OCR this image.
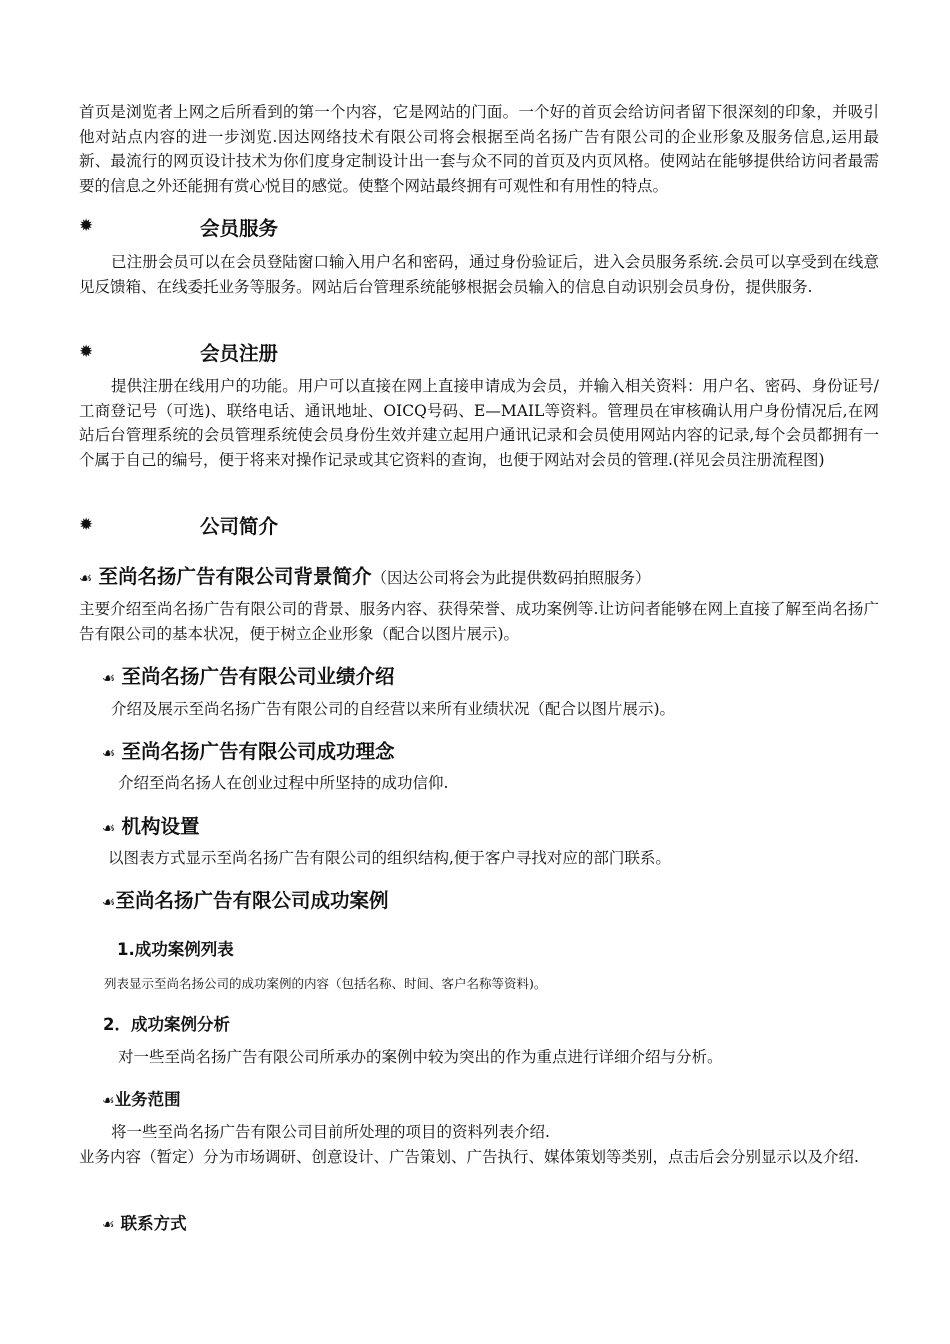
首页是浏览者上网之后所看到的第一个内容，它是网站的门面。一个好的首页会给访问者留下很深刻的印象，并吸引他对站点内容的进一步浏览.因达网络技术有限公司将会根据至尚名扬广告有限公司的企业形象及服务信息,运用最新、最流行的网页设计技术为你们度身定制设计出一套与众不同的首页及内页风格。使网站在能够提供给访问者最需要的信息之外还能拥有赏心悦目的感觉。使整个网站最终拥有可观性和有用性的特点。
✹	会员服务
已注册会员可以在会员登陆窗口输入用户名和密码，通过身份验证后，进入会员服务系统.会员可以享受到在线意见反馈箱、在线委托业务等服务。网站后台管理系统能够根据会员输入的信息自动识别会员身份，提供服务.
✹	会员注册
提供注册在线用户的功能。用户可以直接在网上直接申请成为会员，并输入相关资料：用户名、密码、身份证号/工商登记号（可选)、联络电话、通讯地址、OICQ号码、E—MAIL等资料。管理员在审核确认用户身份情况后,在网站后台管理系统的会员管理系统使会员身份生效并建立起用户通讯记录和会员使用网站内容的记录,每个会员都拥有一个属于自己的编号，便于将来对操作记录或其它资料的查询，也便于网站对会员的管理.(祥见会员注册流程图)
✹	公司简介
☙ 至尚名扬广告有限公司背景简介（因达公司将会为此提供数码拍照服务）
主要介绍至尚名扬广告有限公司的背景、服务内容、获得荣誉、成功案例等.让访问者能够在网上直接了解至尚名扬广告有限公司的基本状况，便于树立企业形象（配合以图片展示)。
☙ 至尚名扬广告有限公司业绩介绍
介绍及展示至尚名扬广告有限公司的自经营以来所有业绩状况（配合以图片展示)。
☙ 至尚名扬广告有限公司成功理念
介绍至尚名扬人在创业过程中所坚持的成功信仰.
☙ 机构设置
以图表方式显示至尚名扬广告有限公司的组织结构,便于客户寻找对应的部门联系。
☙至尚名扬广告有限公司成功案例
1.成功案例列表
列表显示至尚名扬公司的成功案例的内容（包括名称、时间、客户名称等资料)。
2．成功案例分析
对一些至尚名扬广告有限公司所承办的案例中较为突出的作为重点进行详细介绍与分析。
☙业务范围
将一些至尚名扬广告有限公司目前所处理的项目的资料列表介绍.
业务内容（暂定）分为市场调研、创意设计、广告策划、广告执行、媒体策划等类别，点击后会分别显示以及介绍.
☙ 联系方式
